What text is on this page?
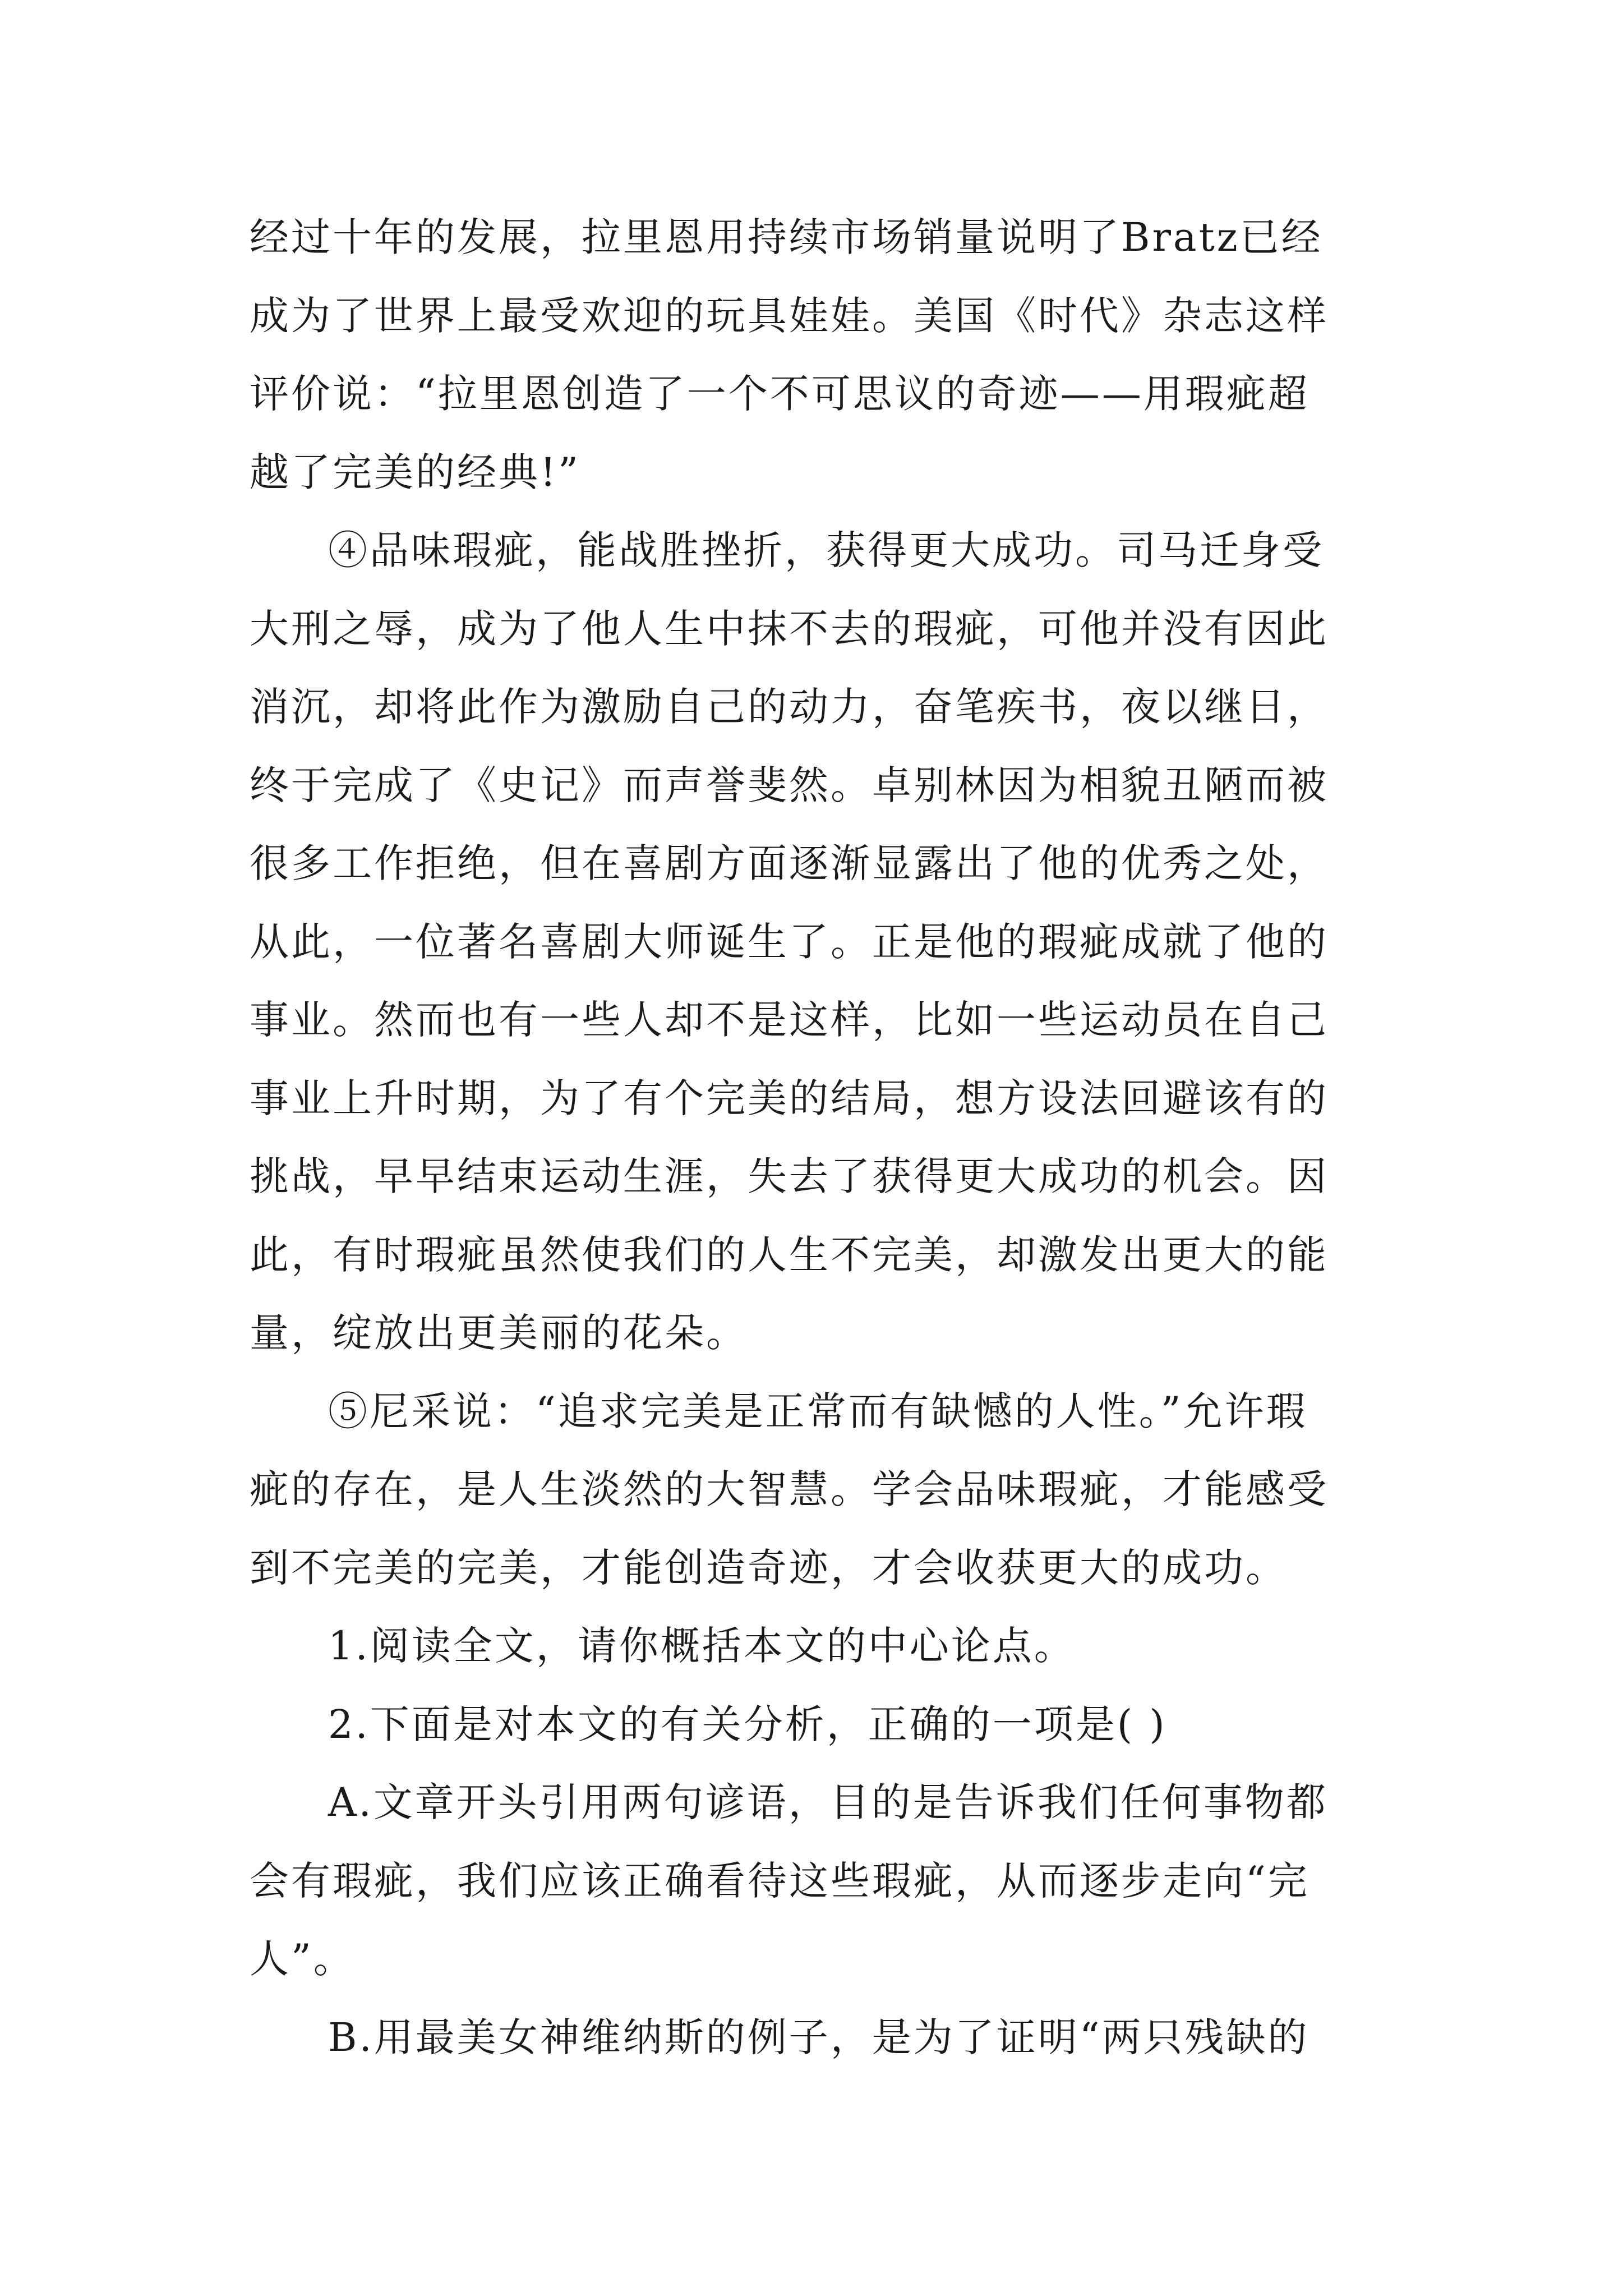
经过十年的发展，拉里恩用持续市场销量说明了Bratz已经
成为了世界上最受欢迎的玩具娃娃。美国《时代》杂志这样
评价说：“拉里恩创造了一个不可思议的奇迹——用瑕疵超
越了完美的经典!”
④品味瑕疵，能战胜挫折，获得更大成功。司马迁身受
大刑之辱，成为了他人生中抹不去的瑕疵，可他并没有因此
消沉，却将此作为激励自己的动力，奋笔疾书，夜以继日，
终于完成了《史记》而声誉斐然。卓别林因为相貌丑陋而被
很多工作拒绝，但在喜剧方面逐渐显露出了他的优秀之处，
从此，一位著名喜剧大师诞生了。正是他的瑕疵成就了他的
事业。然而也有一些人却不是这样，比如一些运动员在自己
事业上升时期，为了有个完美的结局，想方设法回避该有的
挑战，早早结束运动生涯，失去了获得更大成功的机会。因
此，有时瑕疵虽然使我们的人生不完美，却激发出更大的能
量，绽放出更美丽的花朵。
⑤尼采说：“追求完美是正常而有缺憾的人性。”允许瑕
疵的存在，是人生淡然的大智慧。学会品味瑕疵，才能感受
到不完美的完美，才能创造奇迹，才会收获更大的成功。
1.阅读全文，请你概括本文的中心论点。
2.下面是对本文的有关分析，正确的一项是( )
A.文章开头引用两句谚语，目的是告诉我们任何事物都
会有瑕疵，我们应该正确看待这些瑕疵，从而逐步走向“完
人”。
B.用最美女神维纳斯的例子，是为了证明“两只残缺的
